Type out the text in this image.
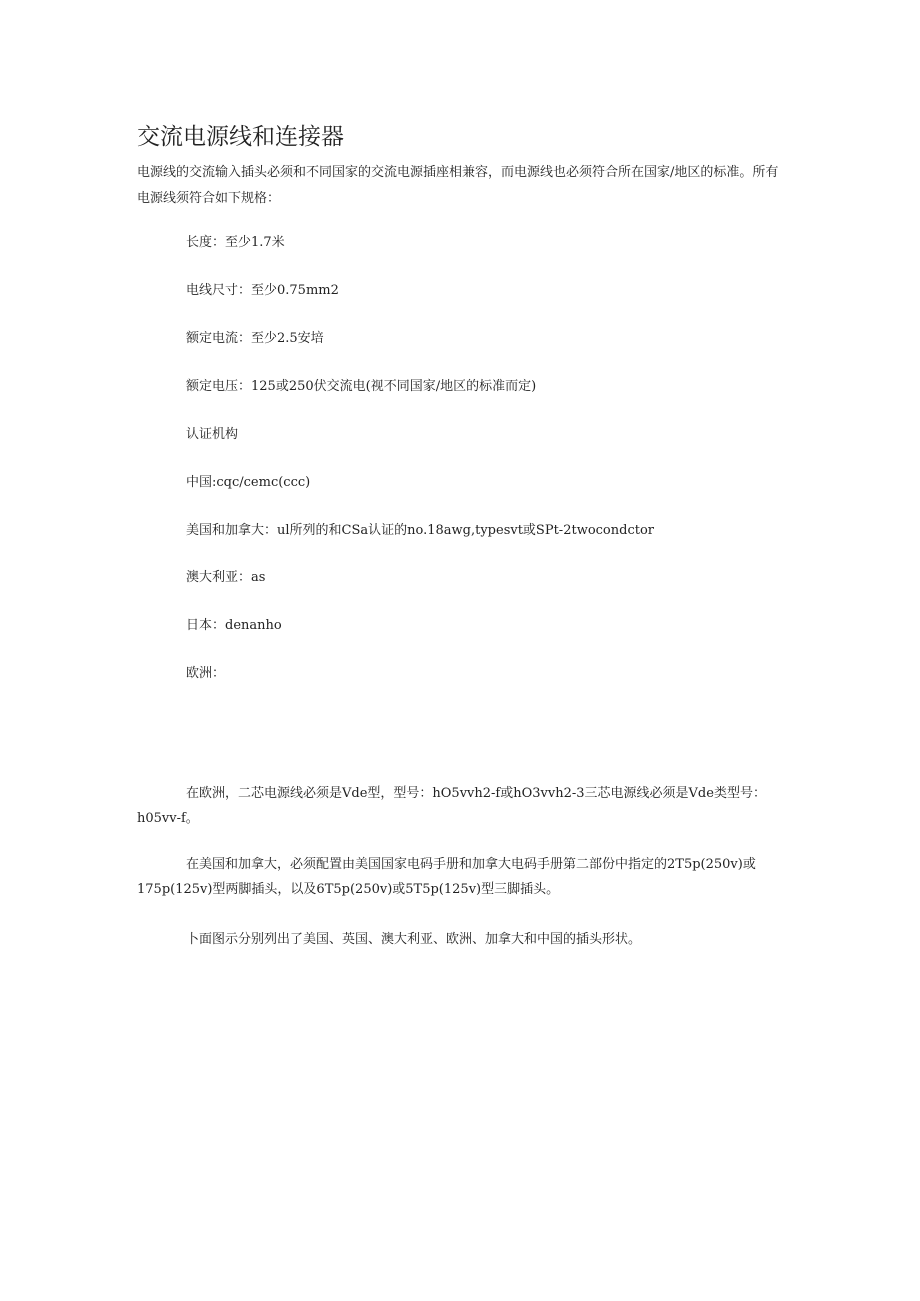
交流电源线和连接器
电源线的交流输入插头必须和不同国家的交流电源插座相兼容，而电源线也必须符合所在国家/地区的标准。所有电源线须符合如下规格：
长度：至少1.7米
电线尺寸：至少0.75mm2
额定电流：至少2.5安培
额定电压：125或250伏交流电(视不同国家/地区的标准而定)
认证机构
中国:cqc/cemc(ccc)
美国和加拿大：ul所列的和CSa认证的no.18awg,typesvt或SPt-2twocondctor
澳大利亚：as
日本：denanho
欧洲：
在欧洲，二芯电源线必须是Vde型，型号：hO5vvh2-f或hO3vvh2-3三芯电源线必须是Vde类型号：h05vv-f。
在美国和加拿大，必须配置由美国国家电码手册和加拿大电码手册第二部份中指定的2T5p(250v)或175p(125v)型两脚插头，以及6T5p(250v)或5T5p(125v)型三脚插头。
卜面图示分别列出了美国、英国、澳大利亚、欧洲、加拿大和中国的插头形状。
